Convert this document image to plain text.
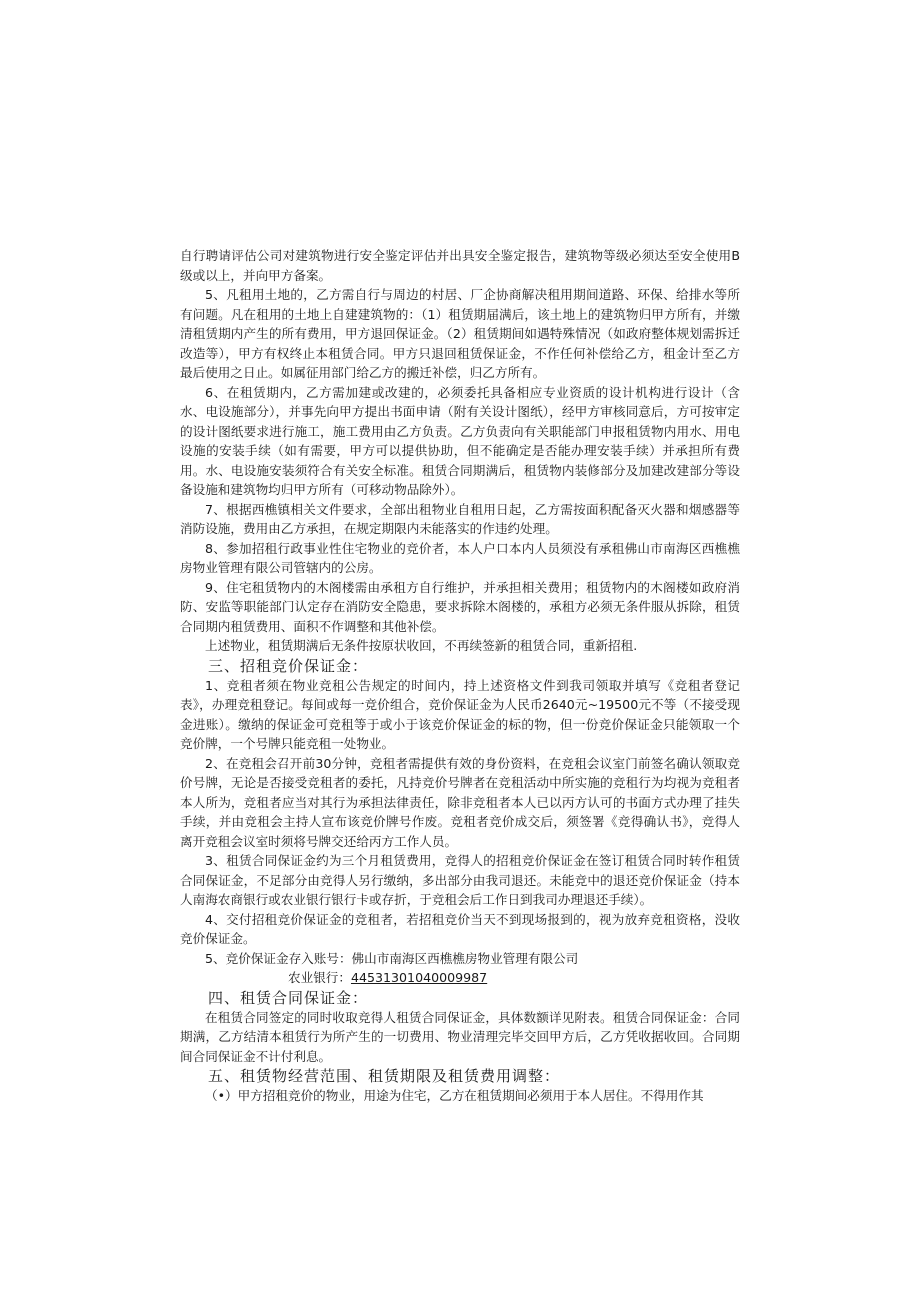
自行聘请评估公司对建筑物进行安全鉴定评估并出具安全鉴定报告，建筑物等级必须达至安全使用B级或以上，并向甲方备案。

5、凡租用土地的，乙方需自行与周边的村居、厂企协商解决租用期间道路、环保、给排水等所有问题。凡在租用的土地上自建建筑物的：（1）租赁期届满后，该土地上的建筑物归甲方所有，并缴清租赁期内产生的所有费用，甲方退回保证金。（2）租赁期间如遇特殊情况（如政府整体规划需拆迁改造等），甲方有权终止本租赁合同。甲方只退回租赁保证金，不作任何补偿给乙方，租金计至乙方最后使用之日止。如属征用部门给乙方的搬迁补偿，归乙方所有。

6、在租赁期内，乙方需加建或改建的，必须委托具备相应专业资质的设计机构进行设计（含水、电设施部分），并事先向甲方提出书面申请（附有关设计图纸），经甲方审核同意后，方可按审定的设计图纸要求进行施工，施工费用由乙方负责。乙方负责向有关职能部门申报租赁物内用水、用电设施的安装手续（如有需要，甲方可以提供协助，但不能确定是否能办理安装手续）并承担所有费用。水、电设施安装须符合有关安全标准。租赁合同期满后，租赁物内装修部分及加建改建部分等设备设施和建筑物均归甲方所有（可移动物品除外）。

7、根据西樵镇相关文件要求，全部出租物业自租用日起，乙方需按面积配备灭火器和烟感器等消防设施，费用由乙方承担，在规定期限内未能落实的作违约处理。

8、参加招租行政事业性住宅物业的竞价者，本人户口本内人员须没有承租佛山市南海区西樵樵房物业管理有限公司管辖内的公房。

9、住宅租赁物内的木阁楼需由承租方自行维护，并承担相关费用；租赁物内的木阁楼如政府消防、安监等职能部门认定存在消防安全隐患，要求拆除木阁楼的，承租方必须无条件服从拆除，租赁合同期内租赁费用、面积不作调整和其他补偿。

上述物业，租赁期满后无条件按原状收回，不再续签新的租赁合同，重新招租.

三、招租竞价保证金：

1、竞租者须在物业竞租公告规定的时间内，持上述资格文件到我司领取并填写《竞租者登记表》，办理竞租登记。每间或每一竞价组合，竞价保证金为人民币2640元~19500元不等（不接受现金进账）。缴纳的保证金可竞租等于或小于该竞价保证金的标的物，但一份竞价保证金只能领取一个竞价牌，一个号牌只能竞租一处物业。

2、在竞租会召开前30分钟，竞租者需提供有效的身份资料，在竞租会议室门前签名确认领取竞价号牌，无论是否接受竞租者的委托，凡持竞价号牌者在竞租活动中所实施的竞租行为均视为竞租者本人所为，竞租者应当对其行为承担法律责任，除非竞租者本人已以丙方认可的书面方式办理了挂失手续，并由竞租会主持人宣布该竞价牌号作废。竞租者竞价成交后，须签署《竞得确认书》，竞得人离开竞租会议室时须将号牌交还给丙方工作人员。

3、租赁合同保证金约为三个月租赁费用，竞得人的招租竞价保证金在签订租赁合同时转作租赁合同保证金，不足部分由竞得人另行缴纳，多出部分由我司退还。未能竞中的退还竞价保证金（持本人南海农商银行或农业银行银行卡或存折，于竞租会后工作日到我司办理退还手续）。

4、交付招租竞价保证金的竞租者，若招租竞价当天不到现场报到的，视为放弃竞租资格，没收竞价保证金。

5、竞价保证金存入账号：佛山市南海区西樵樵房物业管理有限公司

农业银行：44531301040009987

四、租赁合同保证金：

在租赁合同签定的同时收取竞得人租赁合同保证金，具体数额详见附表。租赁合同保证金：合同期满，乙方结清本租赁行为所产生的一切费用、物业清理完毕交回甲方后，乙方凭收据收回。合同期间合同保证金不计付利息。

五、租赁物经营范围、租赁期限及租赁费用调整：

（•）甲方招租竞价的物业，用途为住宅，乙方在租赁期间必须用于本人居住。不得用作其
